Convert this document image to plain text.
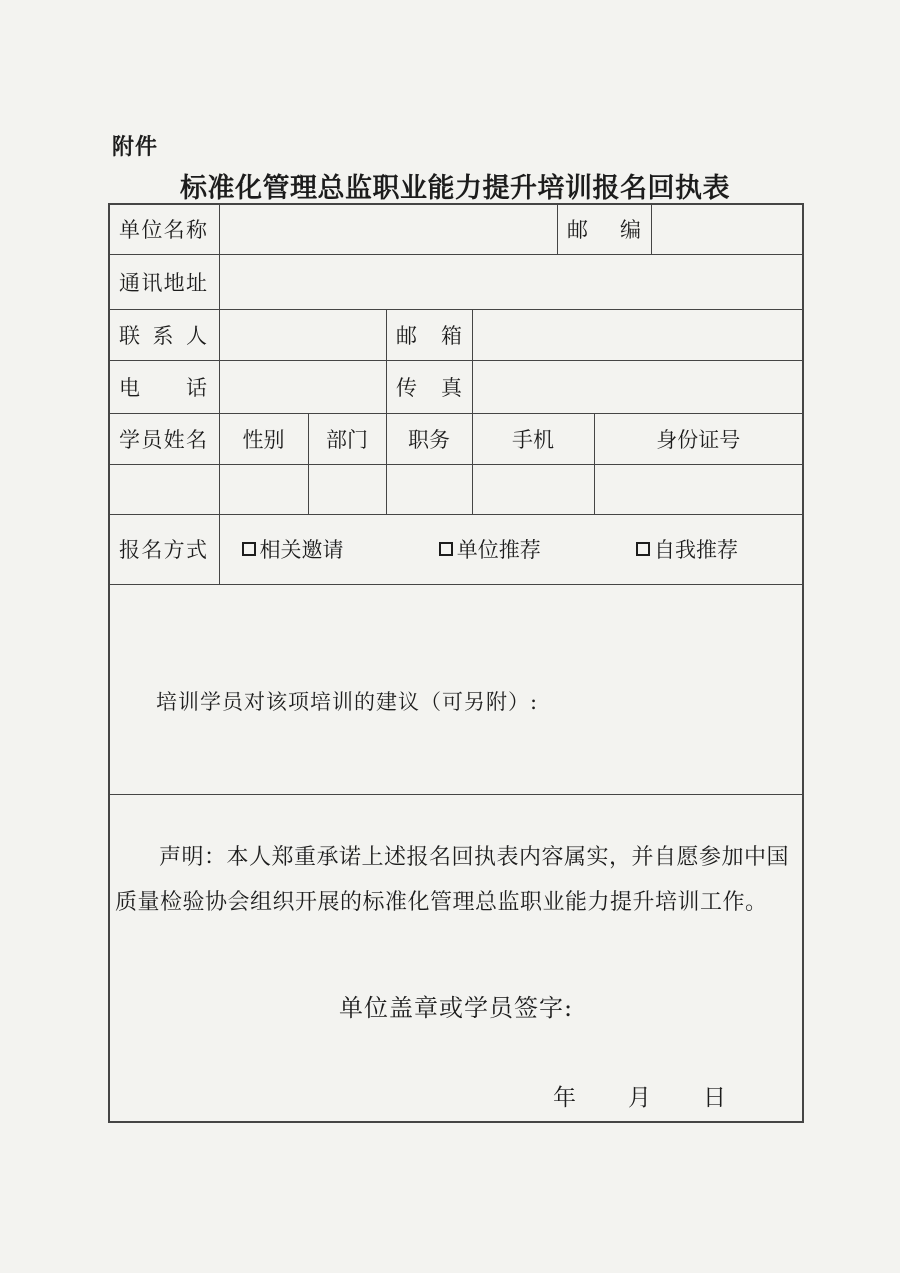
附件
标准化管理总监职业能力提升培训报名回执表
单位名称					邮编		
通讯地址							
联系人			邮箱				
电话			传真				
学员姓名	性别	部门	职务	手机		身份证号	

报名方式	相关邀请 单位推荐 自我推荐						

培训学员对该项培训的建议（可另附）:							

声明：本人郑重承诺上述报名回执表内容属实，并自愿参加中国
质量检验协会组织开展的标准化管理总监职业能力提升培训工作。
单位盖章或学员签字:
年 月 日
